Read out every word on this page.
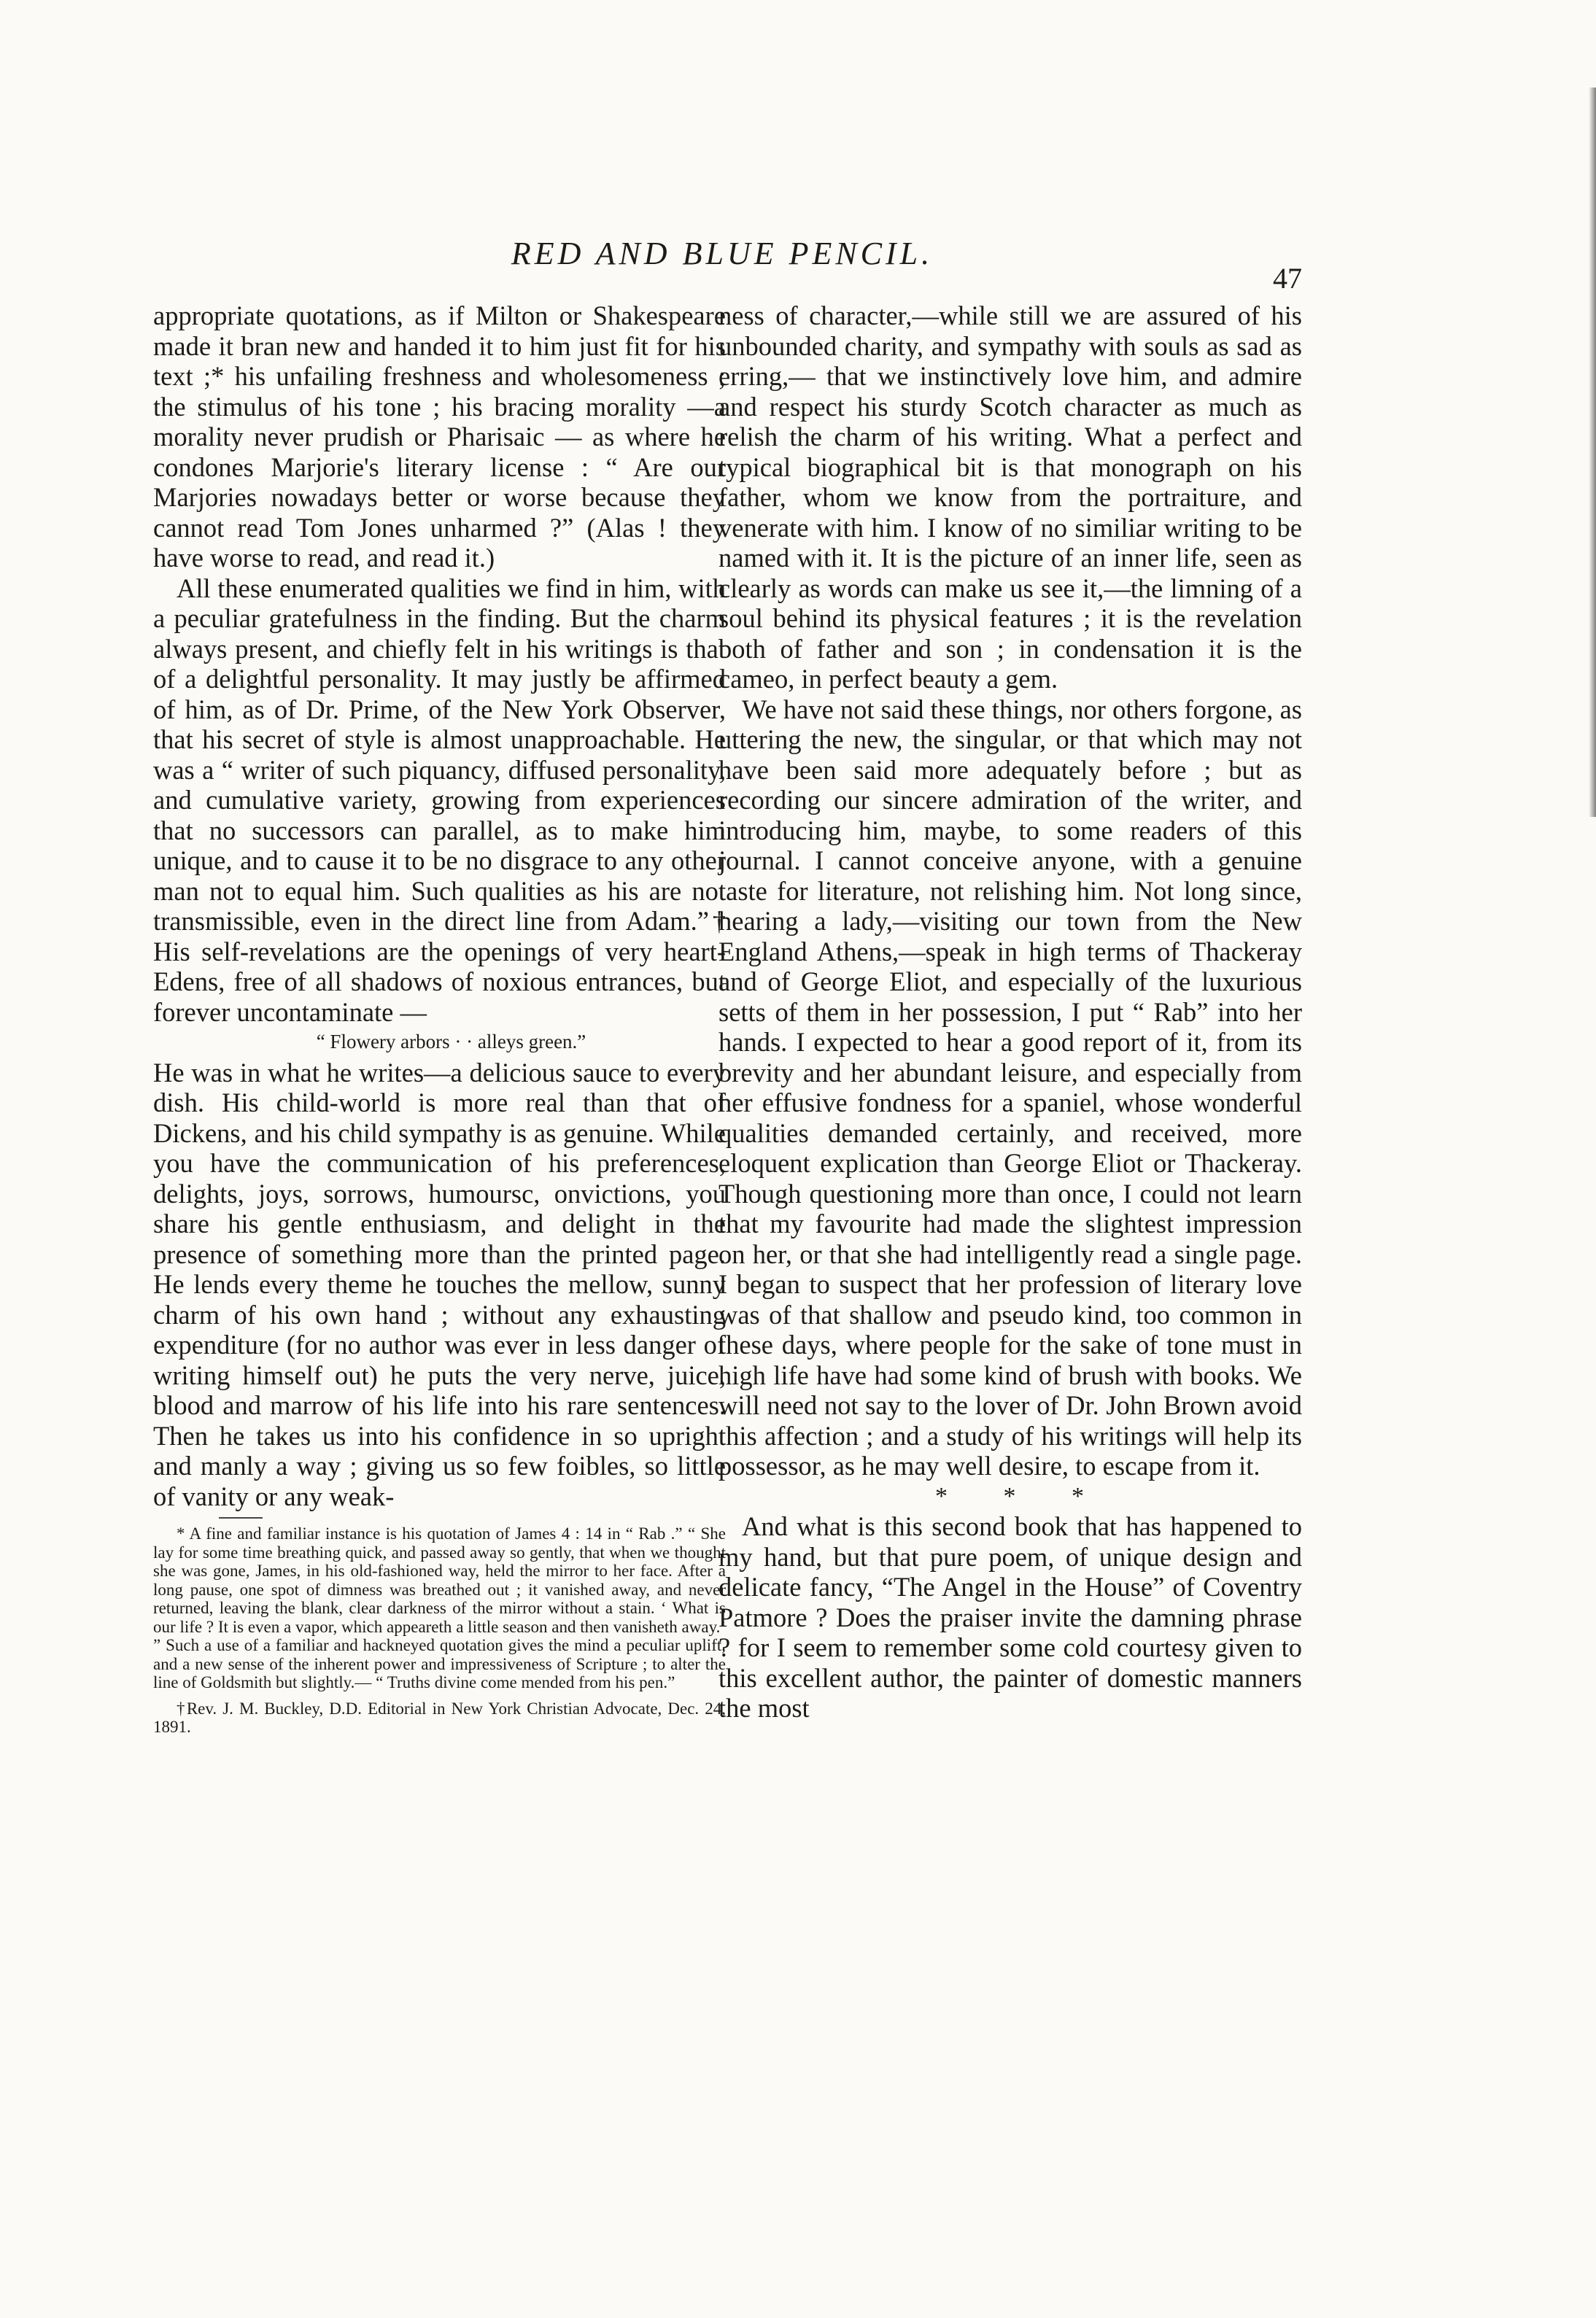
RED AND BLUE PENCIL.
47

appropriate quotations, as if Milton or Shakespeare made it bran new and handed it to him just fit for his text ;* his unfailing freshness and wholesomeness ; the stimulus of his tone ; his bracing morality —a morality never prudish or Pharisaic — as where he condones Marjorie's literary license : “ Are our Marjories nowadays better or worse because they cannot read Tom Jones unharmed ?” (Alas ! they have worse to read, and read it.)

All these enumerated qualities we find in him, with a peculiar gratefulness in the finding. But the charm always present, and chiefly felt in his writings is that of a delightful personality. It may justly be affirmed of him, as of Dr. Prime, of the New York Observer, that his secret of style is almost unapproachable. He was a “ writer of such piquancy, diffused personality, and cumulative variety, growing from experiences that no successors can parallel, as to make him unique, and to cause it to be no disgrace to any other man not to equal him. Such qualities as his are not transmissible, even in the direct line from Adam.”† His self-revelations are the openings of very heart-Edens, free of all shadows of noxious entrances, but forever uncontaminate —

“ Flowery arbors · · alleys green.”

He was in what he writes—a delicious sauce to every dish. His child-world is more real than that of Dickens, and his child sympathy is as genuine. While you have the communication of his preferences, delights, joys, sorrows, humoursc, onvictions, you share his gentle enthusiasm, and delight in the presence of something more than the printed page. He lends every theme he touches the mellow, sunny charm of his own hand ; without any exhausting expenditure (for no author was ever in less danger of writing himself out) he puts the very nerve, juice, blood and marrow of his life into his rare sentences. Then he takes us into his confidence in so upright and manly a way ; giving us so few foibles, so little of vanity or any weak-

* A fine and familiar instance is his quotation of James 4 : 14 in “ Rab .” “ She lay for some time breathing quick, and passed away so gently, that when we thought she was gone, James, in his old-fashioned way, held the mirror to her face. After a long pause, one spot of dimness was breathed out ; it vanished away, and never returned, leaving the blank, clear darkness of the mirror without a stain. ‘ What is our life ? It is even a vapor, which appeareth a little season and then vanisheth away.’ ” Such a use of a familiar and hackneyed quotation gives the mind a peculiar uplift, and a new sense of the inherent power and impressiveness of Scripture ; to alter the line of Goldsmith but slightly.— “ Truths divine come mended from his pen.”

†Rev. J. M. Buckley, D.D. Editorial in New York Christian Advocate, Dec. 24, 1891.

ness of character,—while still we are assured of his unbounded charity, and sympathy with souls as sad as erring,— that we instinctively love him, and admire and respect his sturdy Scotch character as much as relish the charm of his writing. What a perfect and typical biographical bit is that monograph on his father, whom we know from the portraiture, and venerate with him. I know of no similiar writing to be named with it. It is the picture of an inner life, seen as clearly as words can make us see it,—the limning of a soul behind its physical features ; it is the revelation both of father and son ; in condensation it is the cameo, in perfect beauty a gem.

We have not said these things, nor others forgone, as uttering the new, the singular, or that which may not have been said more adequately before ; but as recording our sincere admiration of the writer, and introducing him, maybe, to some readers of this journal. I cannot conceive anyone, with a genuine taste for literature, not relishing him. Not long since, hearing a lady,—visiting our town from the New England Athens,—speak in high terms of Thackeray and of George Eliot, and especially of the luxurious setts of them in her possession, I put “ Rab” into her hands. I expected to hear a good report of it, from its brevity and her abundant leisure, and especially from her effusive fondness for a spaniel, whose wonderful qualities demanded certainly, and received, more eloquent explication than George Eliot or Thackeray. Though questioning more than once, I could not learn that my favourite had made the slightest impression on her, or that she had intelligently read a single page. I began to suspect that her profession of literary love was of that shallow and pseudo kind, too common in these days, where people for the sake of tone must in high life have had some kind of brush with books. We will need not say to the lover of Dr. John Brown avoid this affection ; and a study of his writings will help its possessor, as he may well desire, to escape from it.

* * *

And what is this second book that has happened to my hand, but that pure poem, of unique design and delicate fancy, “The Angel in the House” of Coventry Patmore ? Does the praiser invite the damning phrase ? for I seem to remember some cold courtesy given to this excellent author, the painter of domestic manners the most
